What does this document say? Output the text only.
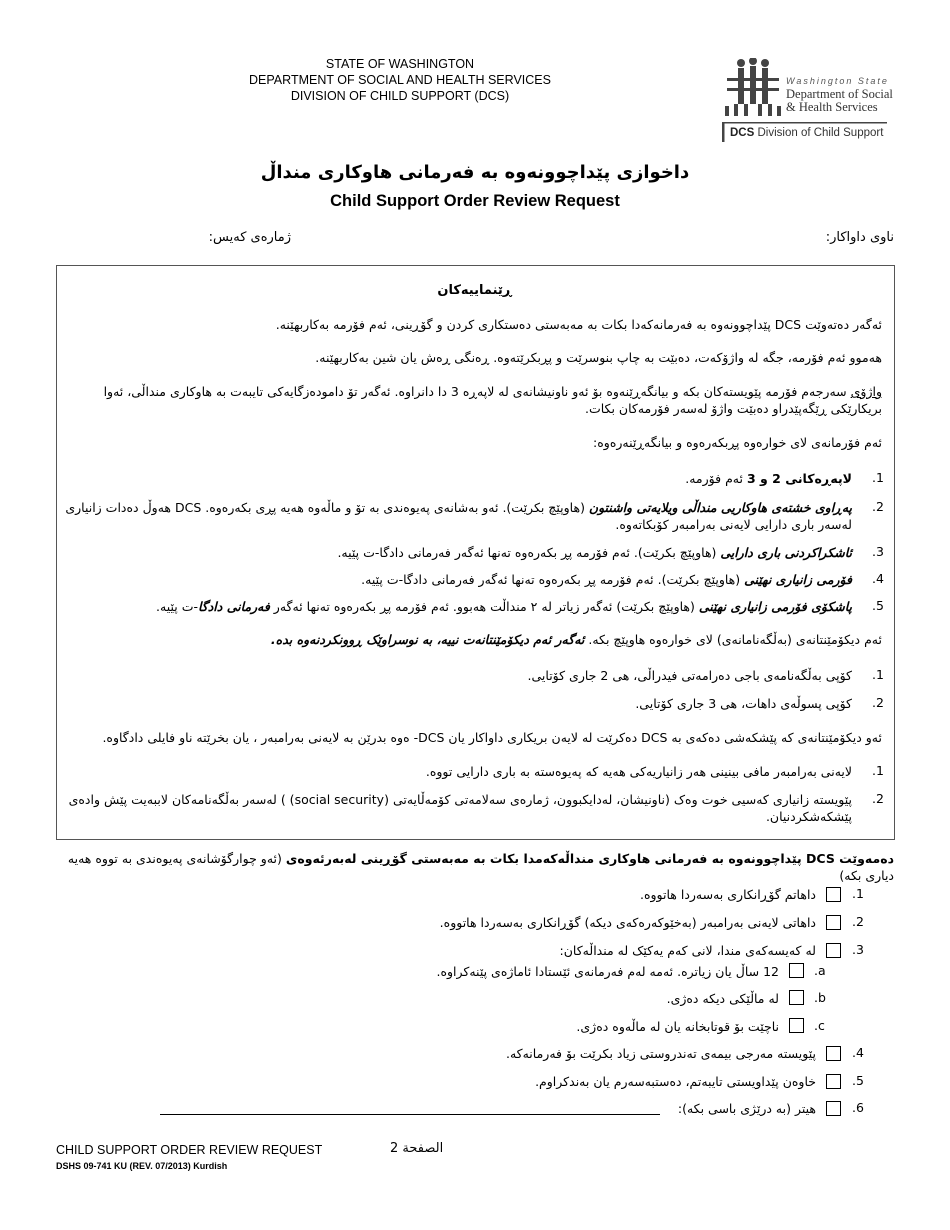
STATE OF WASHINGTON
DEPARTMENT OF SOCIAL AND HEALTH SERVICES
DIVISION OF CHILD SUPPORT (DCS)
Washington State
Department of Social
& Health Services
DCS Division of Child Support
داخوازی پێداچوونەوە بە فەرمانی هاوکاری منداڵ
Child Support Order Review Request
ناوی داواکار:
ژمارەی کەیس:
ڕێنماییەکان
ئەگەر دەتەوێت DCS پێداچوونەوە بە فەرمانەکەدا بکات بە مەبەستی دەستکاری کردن و گۆڕینی، ئەم فۆرمە بەکاربهێنە.
هەموو ئەم فۆرمە، جگە لە واژۆکەت، دەبێت بە چاپ بنوسرێت و پڕبکرێتەوە. ڕەنگی ڕەش یان شین بەکاربهێنە.
واژۆی سەرجەم فۆرمە پێویستەکان بکە و بیانگەڕێنەوە بۆ ئەو ناونیشانەی لە لاپەڕە 3 دا دانراوە. ئەگەر تۆ دامودەزگایەکی تایبەت بە هاوکاری منداڵی، ئەوا
بریکارێکی ڕێگەپێدراو دەبێت واژۆ لەسەر فۆرمەکان بکات.
ئەم فۆرمانەی لای خوارەوە پڕبکەرەوە و بیانگەڕێنەرەوە:
.1
لاپەڕەکانی 2 و 3 ئەم فۆرمە.
.2
پەڕاوی خشتەی هاوکاریی منداڵی ویلایەتی واشنتون (هاوپێچ بکرێت). ئەو بەشانەی پەیوەندی بە تۆ و ماڵەوە هەیە پڕی بکەرەوە. DCS هەوڵ دەدات زانیاری
لەسەر باری دارایی لایەنی بەرامبەر کۆبکاتەوە.
.3
ئاشکراکردنی باری دارایی (هاوپێچ بکرێت). ئەم فۆرمە پڕ بکەرەوە تەنها ئەگەر فەرمانی دادگا-ت پێیە.
.4
فۆرمی زانیاری نهێنی (هاوپێچ بکرێت). ئەم فۆرمە پڕ بکەرەوە تەنها ئەگەر فەرمانی دادگا-ت پێیە.
.5
پاشکۆی فۆرمی زانیاری نهێنی (هاوپێچ بکرێت) ئەگەر زیاتر لە ٢ منداڵت هەبوو. ئەم فۆرمە پڕ بکەرەوە تەنها ئەگەر فەرمانی دادگا-ت پێیە.
ئەم دیکۆمێنتانەی (بەڵگەنامانەی) لای خوارەوە هاوپێچ بکە. ئەگەر ئەم دیکۆمێنتانەت نییە، بە نوسراوێک ڕوونکردنەوە بدە.
.1
کۆپی بەڵگەنامەی باجی دەرامەتی فیدراڵی، هی 2 جاری کۆتایی.
.2
کۆپی پسوڵەی داهات، هی 3 جاری کۆتایی.
ئەو دیکۆمێنتانەی کە پێشکەشی دەکەی بە DCS دەکرێت لە لایەن بریکاری داواکار یان DCS- ەوە بدرێن بە لایەنی بەرامبەر ، یان بخرێتە ناو فایلی دادگاوە.
.1
لایەنی بەرامبەر مافی بینینی هەر زانیاریەکی هەیە کە پەیوەستە بە باری دارایی تووە.
.2
پێویستە زانیاری کەسیی خوت وەک (ناونیشان، لەدایکبوون، ژمارەی سەلامەتی کۆمەڵایەتی (social security) ) لەسەر بەڵگەنامەکان لاببەیت پێش وادەی
پێشکەشکردنیان.
دەمەوێت DCS پێداچوونەوە بە فەرمانی هاوکاری منداڵەکەمدا بکات بە مەبەستی گۆڕینی لەبەرئەوەی (ئەو چوارگۆشانەی پەیوەندی بە تووە هەیە دیاری بکە)
.1
داهاتم گۆڕانکاری بەسەردا هاتووە.
.2
داهاتی لایەنی بەرامبەر (بەخێوکەرەکەی دیکە) گۆڕانکاری بەسەردا هاتووە.
.3
لە کەیسەکەی مندا، لانی کەم یەکێک لە منداڵەکان:
.a
12 ساڵ یان زیاترە. ئەمە لەم فەرمانەی ئێستادا ئاماژەی پێنەکراوە.
.b
لە ماڵێکی دیکە دەژی.
.c
ناچێت بۆ قوتابخانە یان لە ماڵەوە دەژی.
.4
پێویستە مەرجی بیمەی تەندروستی زیاد بکرێت بۆ فەرمانەکە.
.5
خاوەن پێداویستی تایبەتم، دەستبەسەرم یان بەندکراوم.
.6
هیتر (بە درێژی باسی بکە):
CHILD SUPPORT ORDER REVIEW REQUEST
DSHS 09-741 KU (REV. 07/2013) Kurdish
الصفحة 2
